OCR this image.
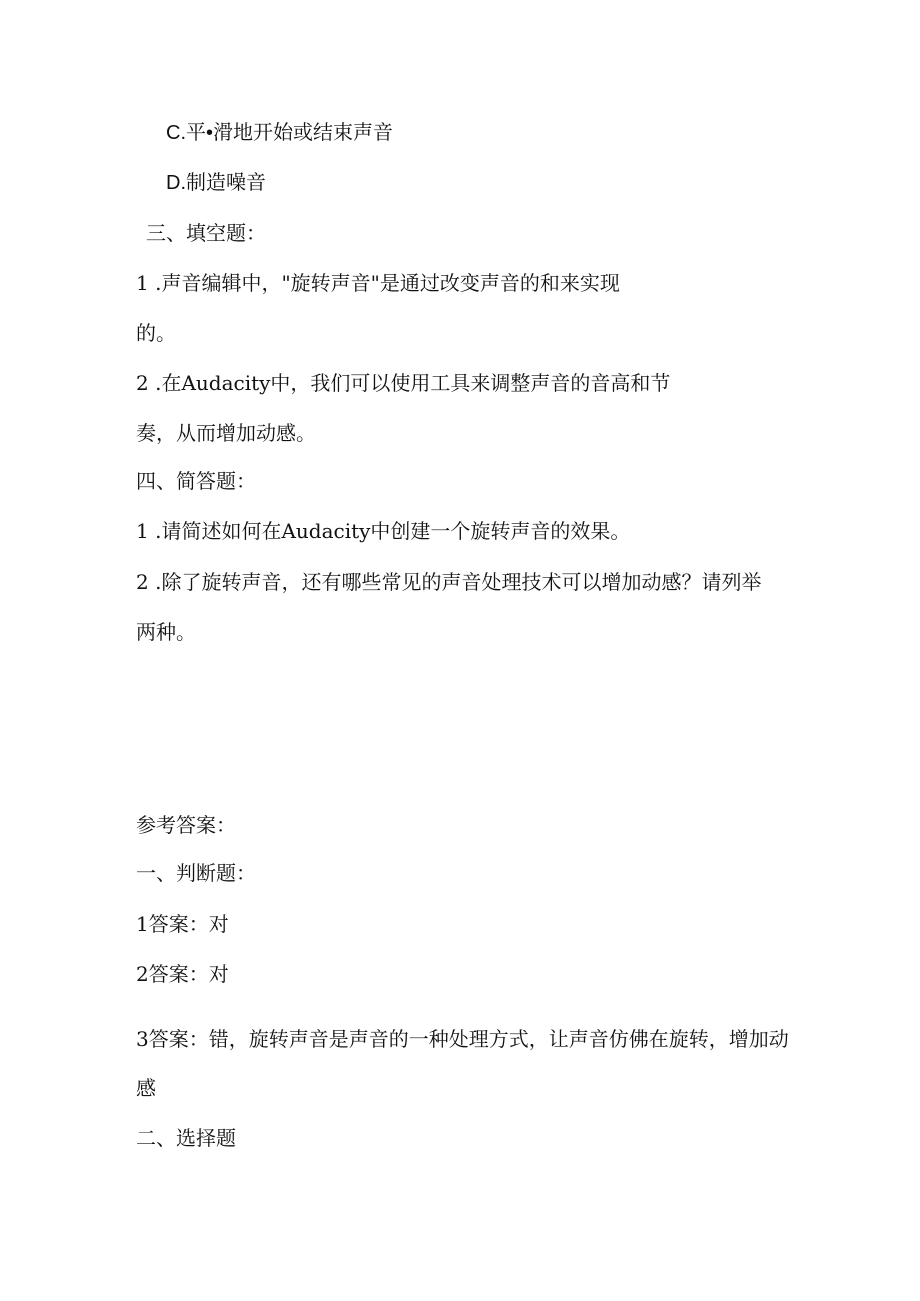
C.平•滑地开始或结束声音
D.制造噪音
三、填空题：
1 .声音编辑中，"旋转声音"是通过改变声音的和来实现
的。
2 .在Audacity中，我们可以使用工具来调整声音的音高和节
奏，从而增加动感。
四、简答题：
1 .请简述如何在Audacity中创建一个旋转声音的效果。
2 .除了旋转声音，还有哪些常见的声音处理技术可以增加动感？请列举
两种。
参考答案：
一、判断题：
1答案：对
2答案：对
3答案：错，旋转声音是声音的一种处理方式，让声音仿佛在旋转，增加动
感
二、选择题
